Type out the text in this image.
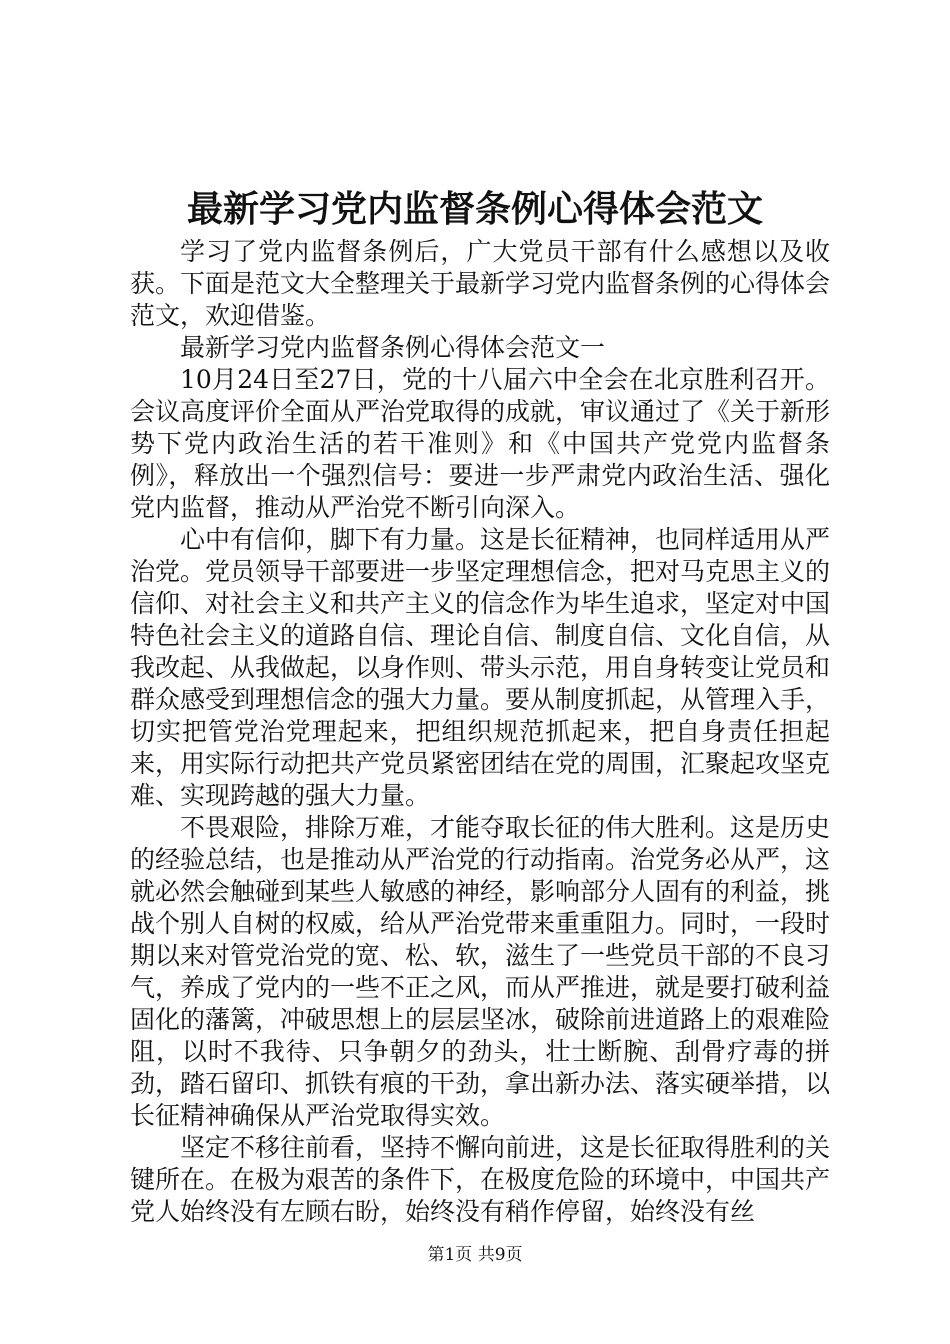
最新学习党内监督条例心得体会范文

学习了党内监督条例后，广大党员干部有什么感想以及收获。下面是范文大全整理关于最新学习党内监督条例的心得体会范文，欢迎借鉴。

最新学习党内监督条例心得体会范文一

10月24日至27日，党的十八届六中全会在北京胜利召开。会议高度评价全面从严治党取得的成就，审议通过了《关于新形势下党内政治生活的若干准则》和《中国共产党党内监督条例》，释放出一个强烈信号：要进一步严肃党内政治生活、强化党内监督，推动从严治党不断引向深入。

心中有信仰，脚下有力量。这是长征精神，也同样适用从严治党。党员领导干部要进一步坚定理想信念，把对马克思主义的信仰、对社会主义和共产主义的信念作为毕生追求，坚定对中国特色社会主义的道路自信、理论自信、制度自信、文化自信，从我改起、从我做起，以身作则、带头示范，用自身转变让党员和群众感受到理想信念的强大力量。要从制度抓起，从管理入手，切实把管党治党理起来，把组织规范抓起来，把自身责任担起来，用实际行动把共产党员紧密团结在党的周围，汇聚起攻坚克难、实现跨越的强大力量。

不畏艰险，排除万难，才能夺取长征的伟大胜利。这是历史的经验总结，也是推动从严治党的行动指南。治党务必从严，这就必然会触碰到某些人敏感的神经，影响部分人固有的利益，挑战个别人自树的权威，给从严治党带来重重阻力。同时，一段时期以来对管党治党的宽、松、软，滋生了一些党员干部的不良习气，养成了党内的一些不正之风，而从严推进，就是要打破利益固化的藩篱，冲破思想上的层层坚冰，破除前进道路上的艰难险阻，以时不我待、只争朝夕的劲头，壮士断腕、刮骨疗毒的拼劲，踏石留印、抓铁有痕的干劲，拿出新办法、落实硬举措，以长征精神确保从严治党取得实效。

坚定不移往前看，坚持不懈向前进，这是长征取得胜利的关键所在。在极为艰苦的条件下，在极度危险的环境中，中国共产党人始终没有左顾右盼，始终没有稍作停留，始终没有丝

第1页 共9页
